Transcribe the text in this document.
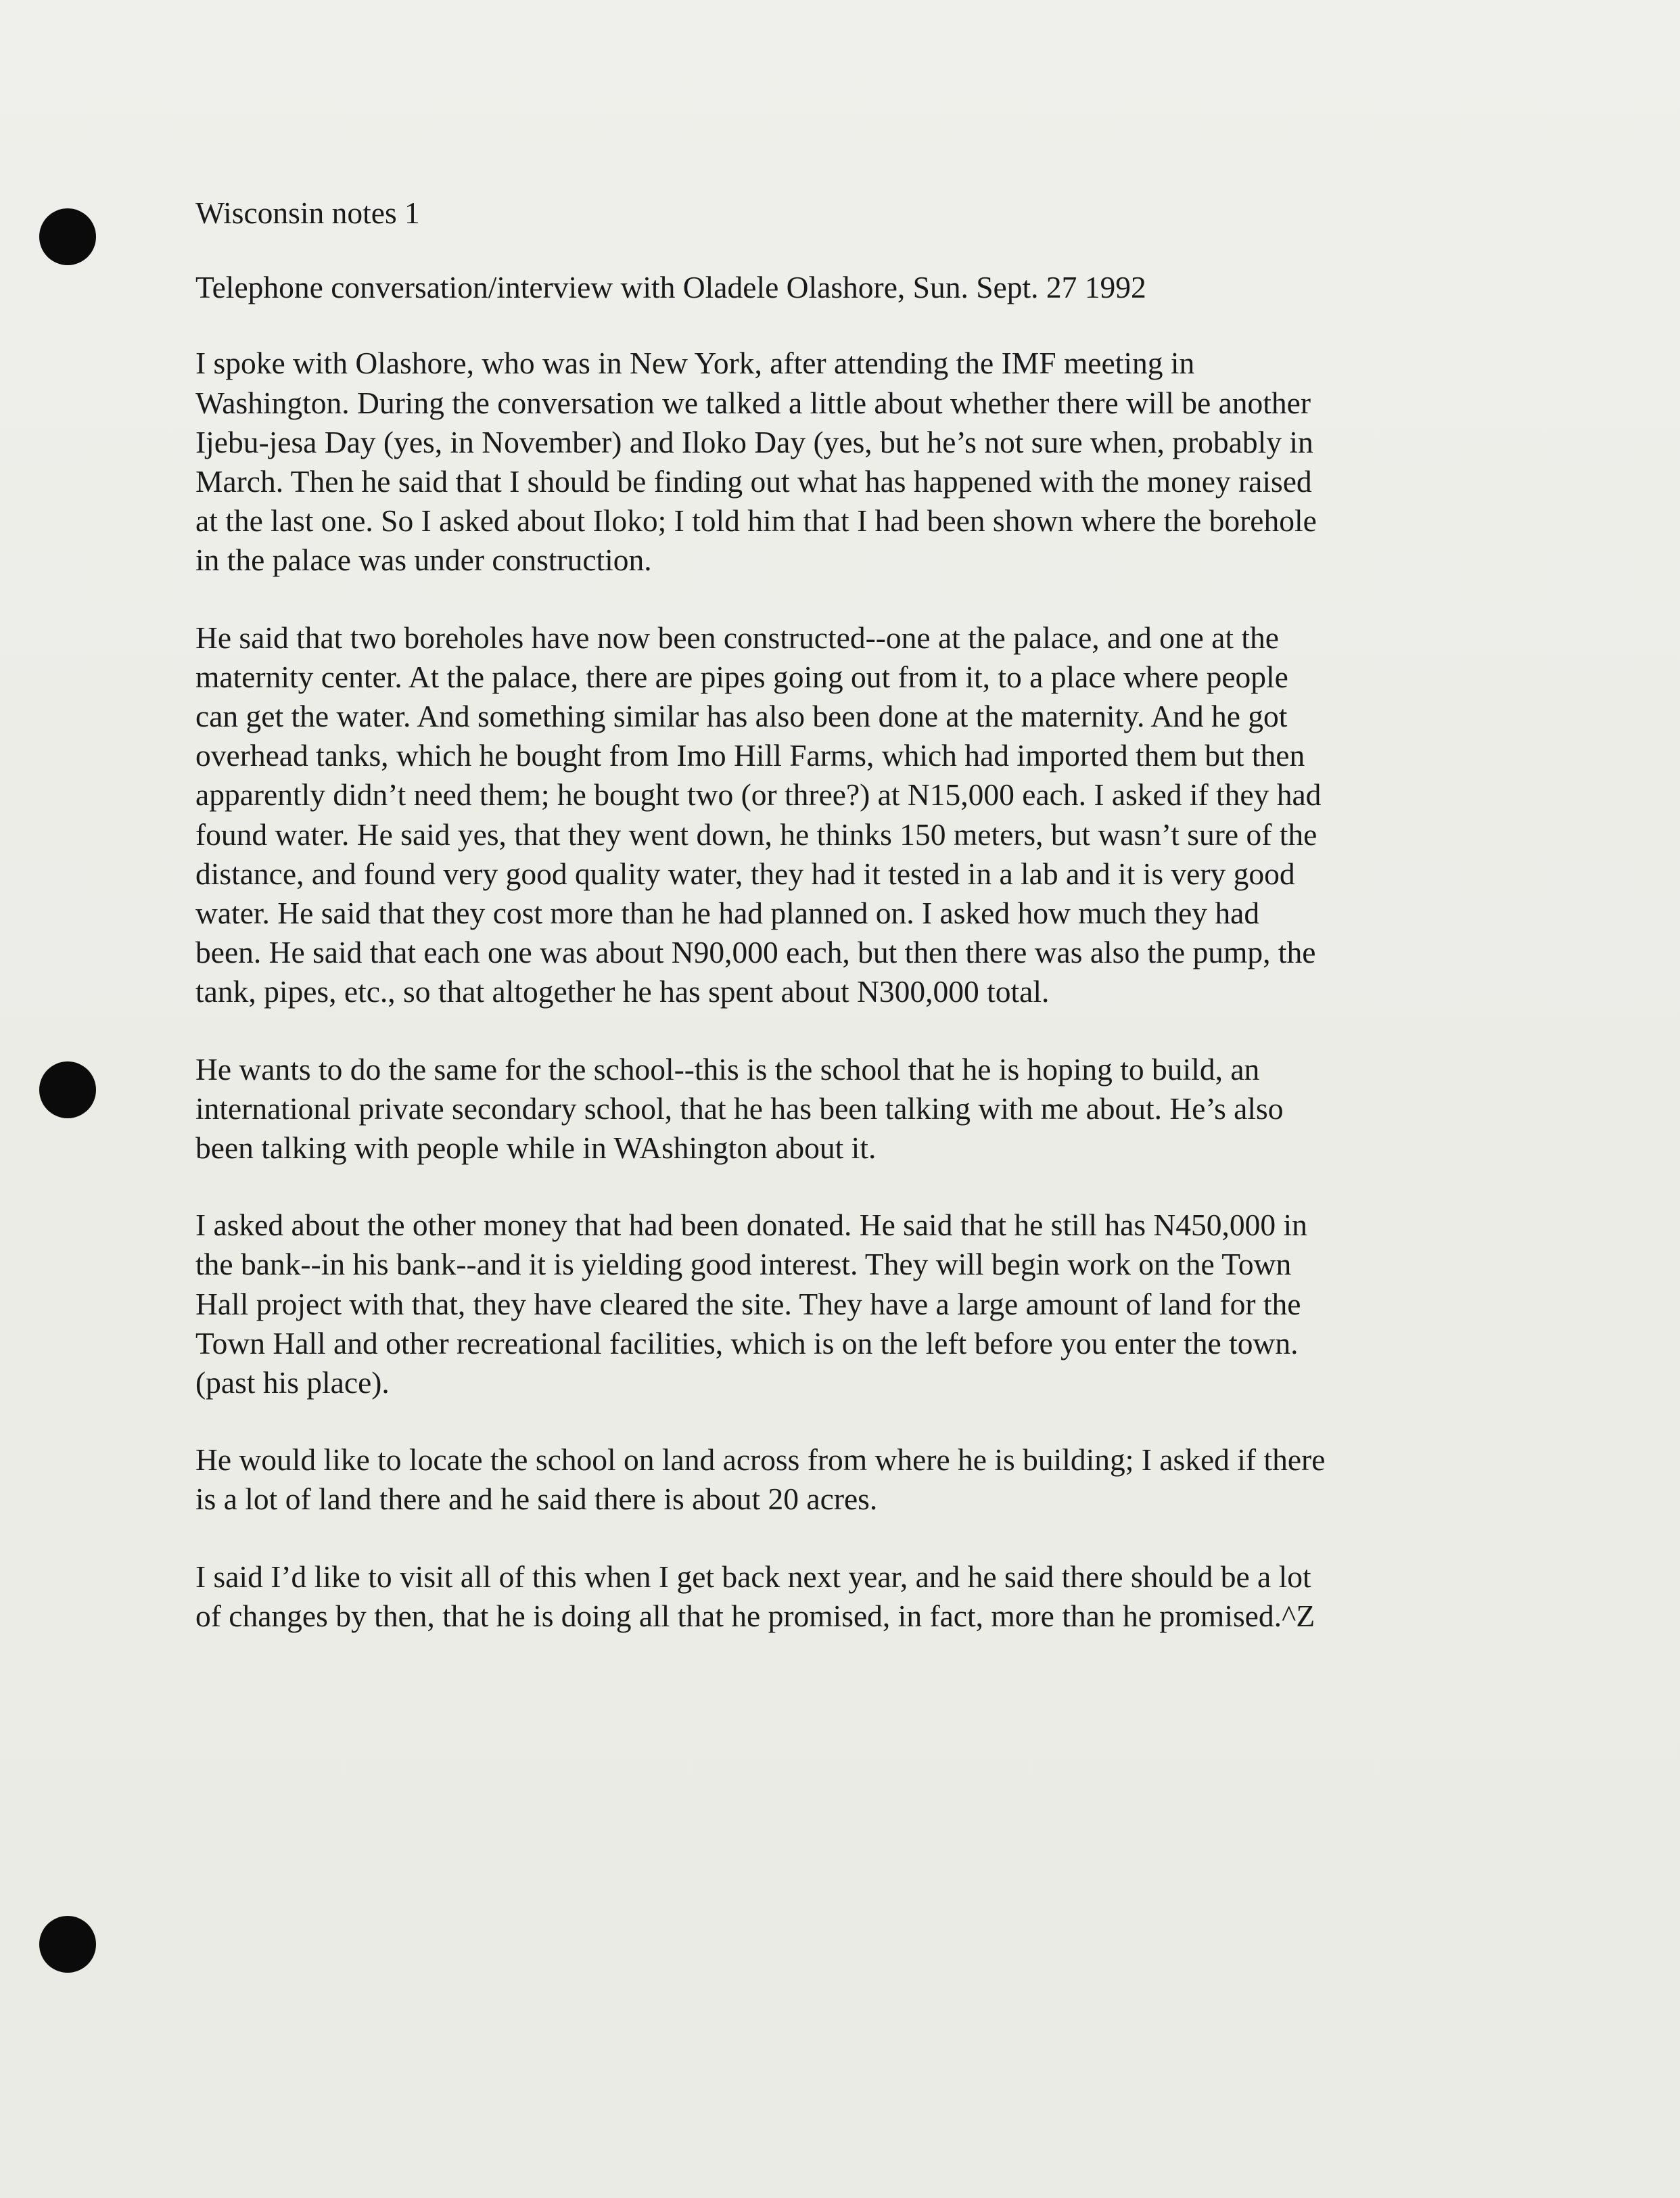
Wisconsin notes 1

Telephone conversation/interview with Oladele Olashore, Sun. Sept. 27 1992

I spoke with Olashore, who was in New York, after attending the IMF meeting in
Washington. During the conversation we talked a little about whether there will be another
Ijebu-jesa Day (yes, in November) and Iloko Day (yes, but he’s not sure when, probably in
March. Then he said that I should be finding out what has happened with the money raised
at the last one. So I asked about Iloko; I told him that I had been shown where the borehole
in the palace was under construction.

He said that two boreholes have now been constructed--one at the palace, and one at the
maternity center. At the palace, there are pipes going out from it, to a place where people
can get the water. And something similar has also been done at the maternity. And he got
overhead tanks, which he bought from Imo Hill Farms, which had imported them but then
apparently didn’t need them; he bought two (or three?) at N15,000 each. I asked if they had
found water. He said yes, that they went down, he thinks 150 meters, but wasn’t sure of the
distance, and found very good quality water, they had it tested in a lab and it is very good
water. He said that they cost more than he had planned on. I asked how much they had
been. He said that each one was about N90,000 each, but then there was also the pump, the
tank, pipes, etc., so that altogether he has spent about N300,000 total.

He wants to do the same for the school--this is the school that he is hoping to build, an
international private secondary school, that he has been talking with me about. He’s also
been talking with people while in WAshington about it.

I asked about the other money that had been donated. He said that he still has N450,000 in
the bank--in his bank--and it is yielding good interest. They will begin work on the Town
Hall project with that, they have cleared the site. They have a large amount of land for the
Town Hall and other recreational facilities, which is on the left before you enter the town.
(past his place).

He would like to locate the school on land across from where he is building; I asked if there
is a lot of land there and he said there is about 20 acres.

I said I’d like to visit all of this when I get back next year, and he said there should be a lot
of changes by then, that he is doing all that he promised, in fact, more than he promised.^Z
